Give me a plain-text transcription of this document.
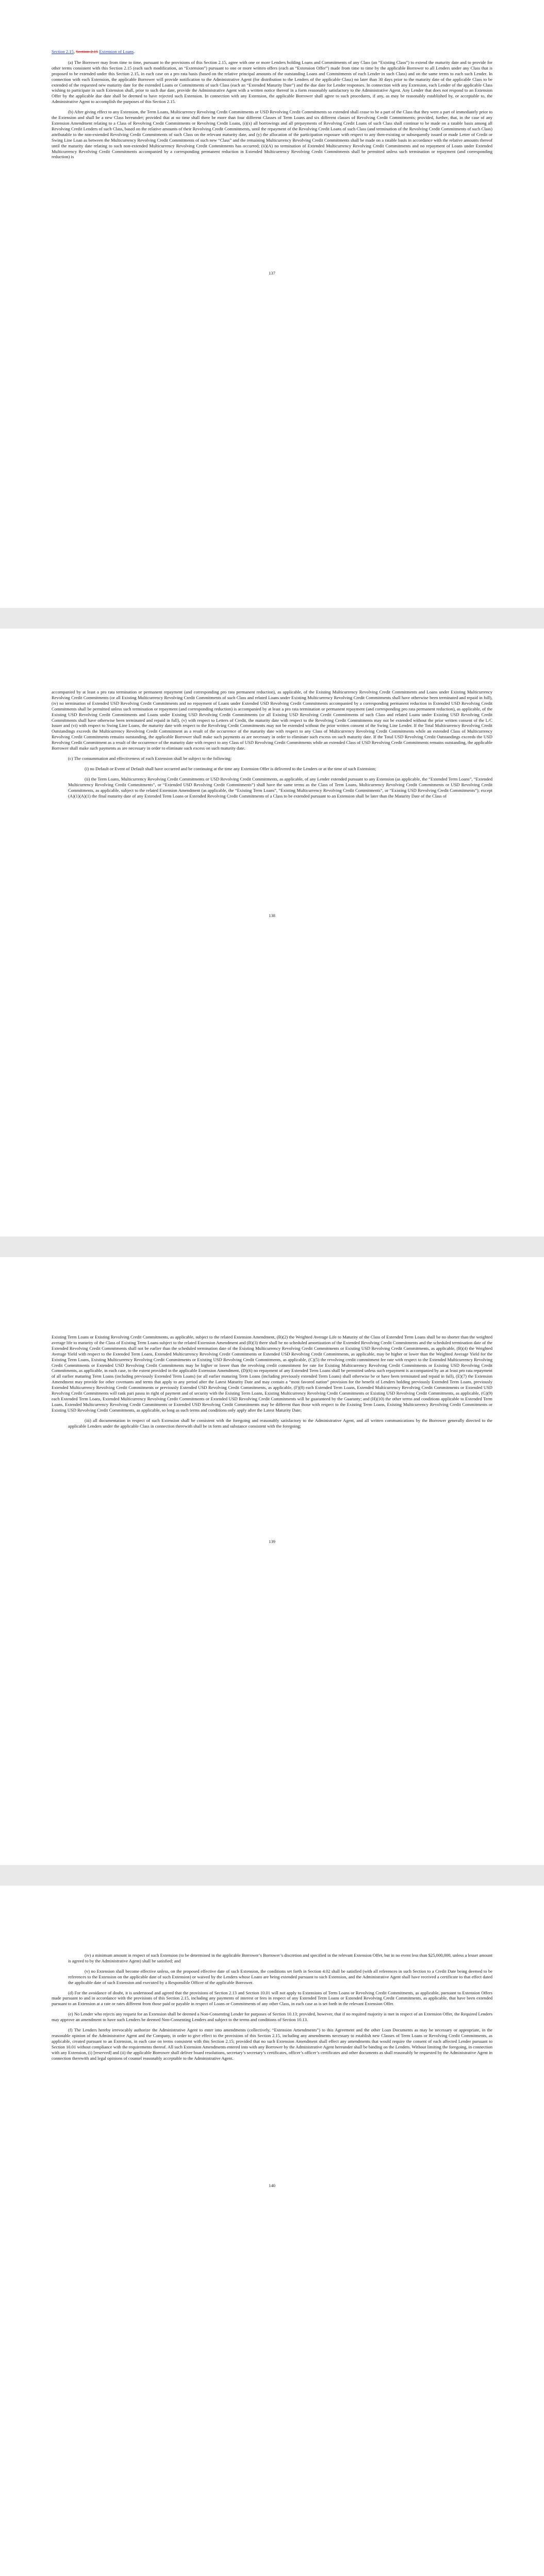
Section 2.15, Section 2.15 Extension of Loans.

(a) The Borrower may from time to time, pursuant to the provisions of this Section 2.15, agree with one or more Lenders holding Loans and Commitments of any Class (an “Existing Class”) to extend the maturity date and to provide for other terms consistent with this Section 2.15 (each such modification, an “Extension”) pursuant to one or more written offers (each an “Extension Offer”) made from time to time by the applicable Borrower to all Lenders under any Class that is proposed to be extended under this Section 2.15, in each case on a pro rata basis (based on the relative principal amounts of the outstanding Loans and Commitments of each Lender in such Class) and on the same terms to each such Lender. In connection with each Extension, the applicable Borrower will provide notification to the Administrative Agent (for distribution to the Lenders of the applicable Class) no later than 30 days prior to the maturity date of the applicable Class to be extended of the requested new maturity date for the extended Loans or Commitments of such Class (each an “Extended Maturity Date”) and the due date for Lender responses. In connection with any Extension, each Lender of the applicable Class wishing to participate in such Extension shall, prior to such due date, provide the Administrative Agent with a written notice thereof in a form reasonably satisfactory to the Administrative Agent. Any Lender that does not respond to an Extension Offer by the applicable due date shall be deemed to have rejected such Extension. In connection with any Extension, the applicable Borrower shall agree to such procedures, if any, as may be reasonably established by, or acceptable to, the Administrative Agent to accomplish the purposes of this Section 2.15.

(b) After giving effect to any Extension, the Term Loans, Multicurrency Revolving Credit Commitments or USD Revolving Credit Commitments so extended shall cease to be a part of the Class that they were a part of immediately prior to the Extension and shall be a new Class hereunder; provided that at no time shall there be more than four different Classes of Term Loans and six different classes of Revolving Credit Commitments; provided, further, that, in the case of any Extension Amendment relating to a Class of Revolving Credit Commitments or Revolving Credit Loans, (i)(x) all borrowings and all prepayments of Revolving Credit Loans of such Class shall continue to be made on a ratable basis among all Revolving Credit Lenders of such Class, based on the relative amounts of their Revolving Credit Commitments, until the repayment of the Revolving Credit Loans of such Class (and termination of the Revolving Credit Commitments of such Class) attributable to the non-extended Revolving Credit Commitments of such Class on the relevant maturity date, and (y) the allocation of the participation exposure with respect to any then-existing or subsequently issued or made Letter of Credit or Swing Line Loan as between the Multicurrency Revolving Credit Commitments of such new “Class” and the remaining Multicurrency Revolving Credit Commitments shall be made on a ratable basis in accordance with the relative amounts thereof until the maturity date relating to such non-extended Multicurrency Revolving Credit Commitments has occurred; (ii)(A) no termination of Extended Multicurrency Revolving Credit Commitments and no repayment of Loans under Extended Multicurrency Revolving Credit Commitments accompanied by a corresponding permanent reduction in Extended Multicurrency Revolving Credit Commitments shall be permitted unless such termination or repayment (and corresponding reduction) is

137

accompanied by at least a pro rata termination or permanent repayment (and corresponding pro rata permanent reduction), as applicable, of the Existing Multicurrency Revolving Credit Commitments and Loans under Existing Multicurrency Revolving Credit Commitments (or all Existing Multicurrency Revolving Credit Commitments of such Class and related Loans under Existing Multicurrency Revolving Credit Commitments shall have otherwise been terminated and repaid in full), (iv) no termination of Extended USD Revolving Credit Commitments and no repayment of Loans under Extended USD Revolving Credit Commitments accompanied by a corresponding permanent reduction in Extended USD Revolving Credit Commitments shall be permitted unless such termination or repayment (and corresponding reduction) is accompanied by at least a pro rata termination or permanent repayment (and corresponding pro rata permanent reduction), as applicable, of the Existing USD Revolving Credit Commitments and Loans under Existing USD Revolving Credit Commitments (or all Existing USD Revolving Credit Commitments of such Class and related Loans under Existing USD Revolving Credit Commitments shall have otherwise been terminated and repaid in full), (v) with respect to Letters of Credit, the maturity date with respect to the Revolving Credit Commitments may not be extended without the prior written consent of the L/C Issuer and (vi) with respect to Swing Line Loans, the maturity date with respect to the Revolving Credit Commitments may not be extended without the prior written consent of the Swing Line Lender. If the Total Multicurrency Revolving Credit Outstandings exceeds the Multicurrency Revolving Credit Commitment as a result of the occurrence of the maturity date with respect to any Class of Multicurrency Revolving Credit Commitments while an extended Class of Multicurrency Revolving Credit Commitments remains outstanding, the applicable Borrower shall make such payments as are necessary in order to eliminate such excess on such maturity date. If the Total USD Revolving Credit Outstandings exceeds the USD Revolving Credit Commitment as a result of the occurrence of the maturity date with respect to any Class of USD Revolving Credit Commitments while an extended Class of USD Revolving Credit Commitments remains outstanding, the applicable Borrower shall make such payments as are necessary in order to eliminate such excess on such maturity date.

(c) The consummation and effectiveness of each Extension shall be subject to the following:

(i) no Default or Event of Default shall have occurred and be continuing at the time any Extension Offer is delivered to the Lenders or at the time of such Extension;

(ii) the Term Loans, Multicurrency Revolving Credit Commitments or USD Revolving Credit Commitments, as applicable, of any Lender extended pursuant to any Extension (as applicable, the “Extended Term Loans”, “Extended Multicurrency Revolving Credit Commitments”, or “Extended USD Revolving Credit Commitments”) shall have the same terms as the Class of Term Loans, Multicurrency Revolving Credit Commitments or USD Revolving Credit Commitments, as applicable, subject to the related Extension Amendment (as applicable, the “Existing Term Loans”, “Existing Multicurrency Revolving Credit Commitments”, or “Existing USD Revolving Credit Commitments”); except (A)(1)(A)(1) the final maturity date of any Extended Term Loans or Extended Revolving Credit Commitments of a Class to be extended pursuant to an Extension shall be later than the Maturity Date of the Class of

138

Existing Term Loans or Existing Revolving Credit Commitments, as applicable, subject to the related Extension Amendment, (B)(2) the Weighted Average Life to Maturity of the Class of Extended Term Loans shall be no shorter than the weighted average life to maturity of the Class of Existing Term Loans subject to the related Extension Amendment and (B)(3) there shall be no scheduled amortization of the Extended Revolving Credit Commitments and the scheduled termination date of the Extended Revolving Credit Commitments shall not be earlier than the scheduled termination date of the Existing Multicurrency Revolving Credit Commitments or Existing USD Revolving Credit Commitments, as applicable, (B)(4) the Weighted Average Yield with respect to the Extended Term Loans, Extended Multicurrency Revolving Credit Commitments or Extended USD Revolving Credit Commitments, as applicable, may be higher or lower than the Weighted Average Yield for the Existing Term Loans, Existing Multicurrency Revolving Credit Commitments or Existing USD Revolving Credit Commitments, as applicable, (C)(5) the revolving credit commitment fee rate with respect to the Extended Multicurrency Revolving Credit Commitments or Extended USD Revolving Credit Commitments may be higher or lower than the revolving credit commitment fee rate for Existing Multicurrency Revolving Credit Commitments or Existing USD Revolving Credit Commitments, as applicable, in each case, to the extent provided in the applicable Extension Amendment, (D)(6) no repayment of any Extended Term Loans shall be permitted unless such repayment is accompanied by an at least pro rata repayment of all earlier maturing Term Loans (including previously Extended Term Loans) (or all earlier maturing Term Loans (including previously extended Term Loans) shall otherwise be or have been terminated and repaid in full), (E)(7) the Extension Amendment may provide for other covenants and terms that apply to any period after the Latest Maturity Date and may contain a “most favored nation” provision for the benefit of Lenders holding previously Extended Term Loans, previously Extended Multicurrency Revolving Credit Commitments or previously Extended USD Revolving Credit Commitments, as applicable, (F)(8) each Extended Term Loans, Extended Multicurrency Revolving Credit Commitments or Extended USD Revolving Credit Commitments will rank pari passu in right of payment and of security with the Existing Term Loans, Existing Multicurrency Revolving Credit Commitments or Existing USD Revolving Credit Commitments, as applicable, (G)(9) each Extended Term Loans, Extended Multicurrency Revolving Credit Commitments or Extended USD Revolving Credit Commitments will be guaranteed by the Guaranty; and (H)(10) the other terms and conditions applicable to Extended Term Loans, Extended Multicurrency Revolving Credit Commitments or Extended USD Revolving Credit Commitments may be different than those with respect to the Existing Term Loans, Existing Multicurrency Revolving Credit Commitments or Existing USD Revolving Credit Commitments, as applicable, so long as such terms and conditions only apply after the Latest Maturity Date;

(iii) all documentation in respect of such Extension shall be consistent with the foregoing and reasonably satisfactory to the Administrative Agent, and all written communications by the Borrower generally directed to the applicable Lenders under the applicable Class in connection therewith shall be in form and substance consistent with the foregoing;

139

(iv) a minimum amount in respect of such Extension (to be determined in the applicable Borrower’s Borrower’s discretion and specified in the relevant Extension Offer, but in no event less than $25,000,000, unless a lesser amount is agreed to by the Administrative Agent) shall be satisfied; and

(v) no Extension shall become effective unless, on the proposed effective date of such Extension, the conditions set forth in Section 4.02 shall be satisfied (with all references in such Section to a Credit Date being deemed to be references to the Extension on the applicable date of such Extension) or waived by the Lenders whose Loans are being extended pursuant to such Extension, and the Administrative Agent shall have received a certificate to that effect dated the applicable date of such Extension and executed by a Responsible Officer of the applicable Borrower.

(d) For the avoidance of doubt, it is understood and agreed that the provisions of Section 2.13 and Section 10.01 will not apply to Extensions of Term Loans or Revolving Credit Commitments, as applicable, pursuant to Extension Offers made pursuant to and in accordance with the provisions of this Section 2.15, including any payments of interest or fees in respect of any Extended Term Loans or Extended Revolving Credit Commitments, as applicable, that have been extended pursuant to an Extension at a rate or rates different from those paid or payable in respect of Loans or Commitments of any other Class, in each case as is set forth in the relevant Extension Offer.

(e) No Lender who rejects any request for an Extension shall be deemed a Non-Consenting Lender for purposes of Section 10.13; provided, however, that if no required majority is met in respect of an Extension Offer, the Required Lenders may approve an amendment to have such Lenders be deemed Non-Consenting Lenders and subject to the terms and conditions of Section 10.13.

(f) The Lenders hereby irrevocably authorize the Administrative Agent to enter into amendments (collectively, “Extension Amendments”) to this Agreement and the other Loan Documents as may be necessary or appropriate, in the reasonable opinion of the Administrative Agent and the Company, in order to give effect to the provisions of this Section 2.15, including any amendments necessary to establish new Classes of Term Loans or Revolving Credit Commitments, as applicable, created pursuant to an Extension, in each case on terms consistent with this Section 2.15; provided that no such Extension Amendment shall effect any amendments that would require the consent of each affected Lender pursuant to Section 10.01 without compliance with the requirements thereof. All such Extension Amendments entered into with any Borrower by the Administrative Agent hereunder shall be binding on the Lenders. Without limiting the foregoing, in connection with any Extension, (i) [reserved] and (ii) the applicable Borrower shall deliver board resolutions, secretary’s secretary’s certificates, officer’s officer’s certificates and other documents as shall reasonably be requested by the Administrative Agent in connection therewith and legal opinions of counsel reasonably acceptable to the Administrative Agent.

140
